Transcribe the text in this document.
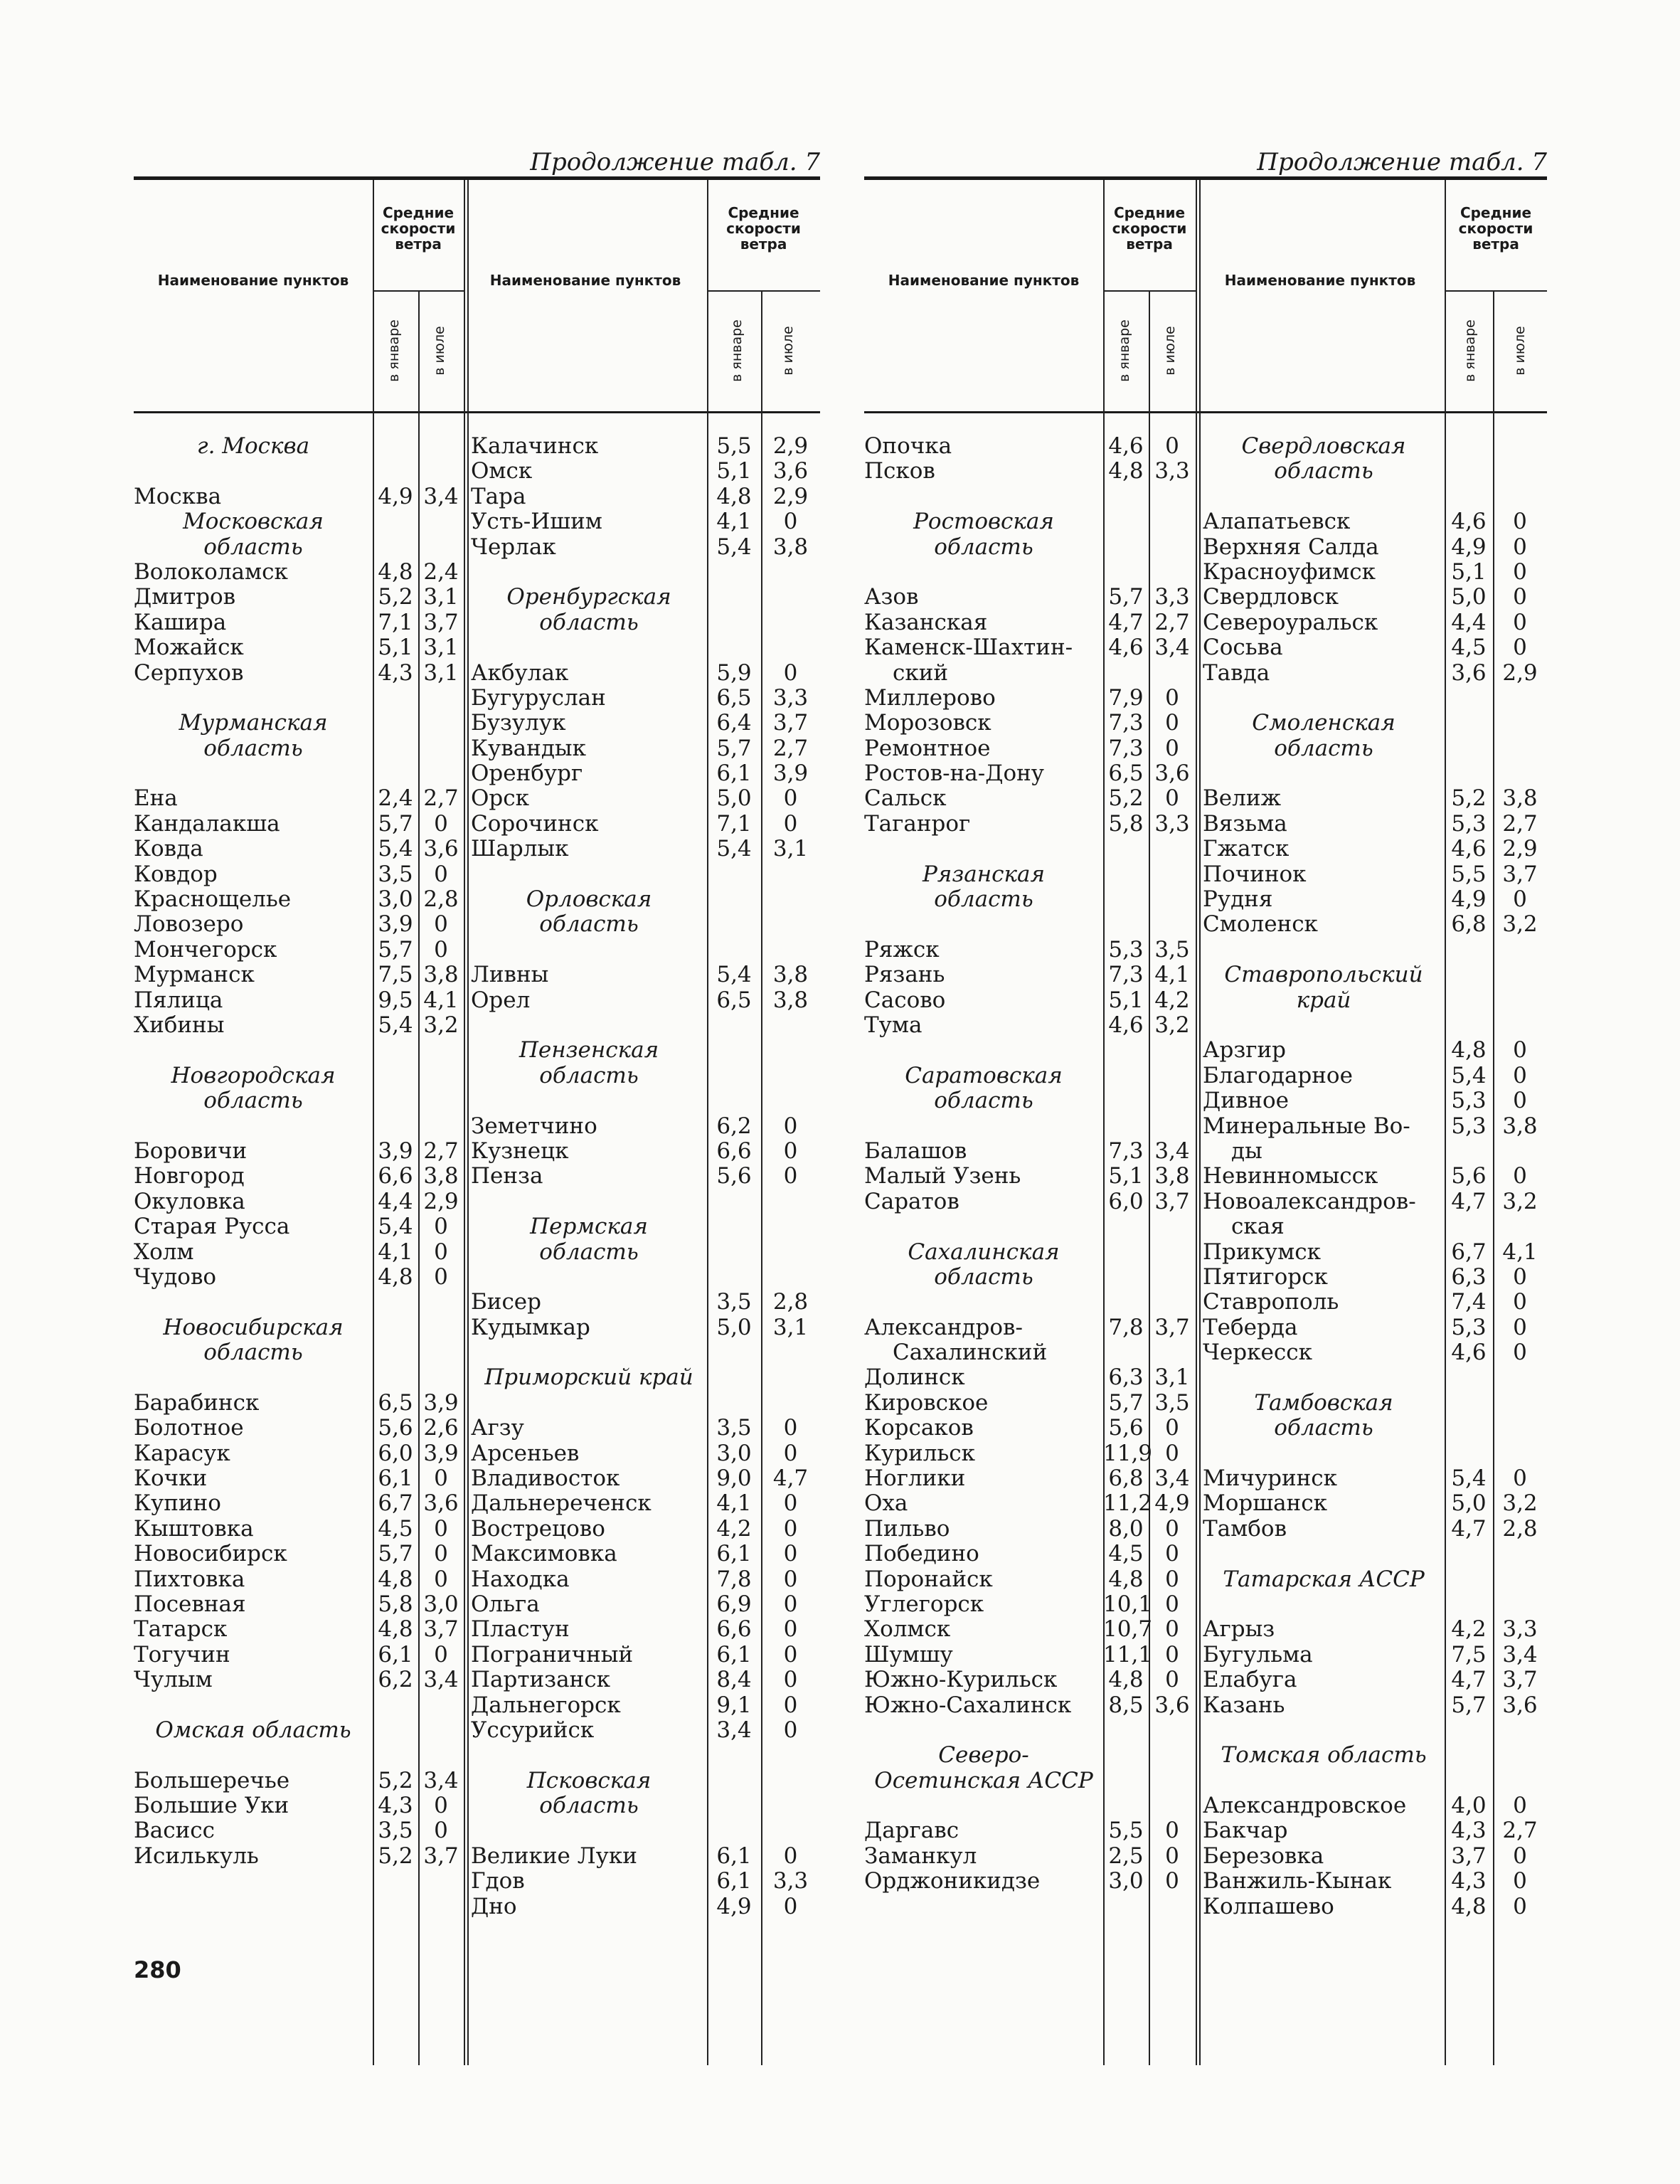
Продолжение табл. 7
Наименование пунктов
Средние скорости ветра
в январе в июле
Наименование пунктов
Средние скорости ветра
в январе	в июле
г. Москва
Москва	4,9 3,4
Московская
область
Волоколамск	4,8 2,4
Дмитров	5,2 3,1
Кашира	7,1 3,7
Можайск	5,1 3,1
Серпухов	4,3 3,1
Мурманская
область
Ена	2,4 2,7
Кандалакша	5,7 0
Ковда	5,4 3,6
Ковдор	3,5 0
Краснощелье	3,0 2,8
Ловозеро	3,9 0
Мончегорск	5,7 0
Мурманск	7,5 3,8
Пялица	9,5 4,1
Хибины	5,4 3,2
Новгородская
область
Боровичи	3,9 2,7
Новгород	6,6 3,8
Окуловка	4,4 2,9
Старая Русса	5,4 0
Холм	4,1 0
Чудово	4,8 0
Новосибирская
область
Барабинск	6,5 3,9
Болотное	5,6 2,6
Карасук	6,0 3,9
Кочки	6,1 0
Купино	6,7 3,6
Кыштовка	4,5 0
Новосибирск	5,7 0
Пихтовка	4,8 0
Посевная	5,8 3,0
Татарск	4,8 3,7
Тогучин	6,1 0
Чулым	6,2 3,4
Омская область
Большеречье	5,2 3,4
Большие Уки	4,3 0
Васисс	3,5 0
Исилькуль	5,2 3,7
Калачинск	5,5 2,9
Омск	5,1 3,6
Тара	4,8 2,9
Усть-Ишим	4,1	0
Черлак	5,4 3,8
Оренбургская
область
Акбулак	5,9	0
Бугуруслан	6,5 3,3
Бузулук	6,4 3,7
Кувандык	5,7 2,7
Оренбург	6,1 3,9
Орск	5,0	0
Сорочинск	7,1	0
Шарлык	5,4 3,1
Орловская
область
Ливны	5,4 3,8
Орел	6,5 3,8
Пензенская
область
Земетчино	6,2	0
Кузнецк	6,6	0
Пенза	5,6	0
Пермская
область
Бисер	3,5 2,8
Кудымкар	5,0 3,1
Приморский край
Агзу	3,5	0
Арсеньев	3,0	0
Владивосток	9,0 4,7
Дальнереченск	4,1	0
Вострецово	4,2	0
Максимовка	6,1	0
Находка	7,8	0
Ольга	6,9	0
Пластун	6,6	0
Пограничный	6,1	0
Партизанск	8,4	0
Дальнегорск	9,1	0
Уссурийск	3,4	0
Псковская
область
Великие Луки	6,1	0
Гдов	6,1 3,3
Дно	4,9	0
Продолжение табл. 7
Наименование пунктов
Средние скорости ветра
в январе в июле
Наименование пунктов
Средние скорости ветра
в январе	в июле
Опочка	4,6 0
Псков	4,8 3,3
Ростовская
область
Азов	5,7 3,3
Казанская	4,7 2,7
Каменск-Шахтин-	4,6 3,4
ский
Миллерово	7,9 0
Морозовск	7,3 0
Ремонтное	7,3 0
Ростов-на-Дону	6,5 3,6
Сальск	5,2 0
Таганрог	5,8 3,3
Рязанская
область
Ряжск	5,3 3,5
Рязань	7,3 4,1
Сасово	5,1 4,2
Тума	4,6 3,2
Саратовская
область
Балашов	7,3 3,4
Малый Узень	5,1 3,8
Саратов	6,0 3,7
Сахалинская
область
Александров-	7,8 3,7
Сахалинский
Долинск	6,3 3,1
Кировское	5,7 3,5
Корсаков	5,6 0
Курильск	11,9 0
Ноглики	6,8 3,4
Оха	11,2 4,9
Пильво	8,0 0
Победино	4,5 0
Поронайск	4,8 0
Углегорск	10,1 0
Холмск	10,7 0
Шумшу	11,1 0
Южно-Курильск	4,8 0
Южно-Сахалинск	8,5 3,6
Северо-
Осетинская АССР
Даргавс	5,5 0
Заманкул	2,5 0
Орджоникидзе	3,0 0
Свердловская
область
Алапатьевск	4,6	0
Верхняя Салда	4,9	0
Красноуфимск	5,1	0
Свердловск	5,0	0
Североуральск	4,4	0
Сосьва	4,5	0
Тавда	3,6 2,9
Смоленская
область
Велиж	5,2 3,8
Вязьма	5,3 2,7
Гжатск	4,6 2,9
Починок	5,5 3,7
Рудня	4,9	0
Смоленск	6,8 3,2
Ставропольский
край
Арзгир	4,8	0
Благодарное	5,4	0
Дивное	5,3	0
Минеральные Во-	5,3 3,8
ды
Невинномысск	5,6	0
Новоалександров-	4,7 3,2
ская
Прикумск	6,7 4,1
Пятигорск	6,3	0
Ставрополь	7,4	0
Теберда	5,3	0
Черкесск	4,6	0
Тамбовская
область
Мичуринск	5,4	0
Моршанск	5,0 3,2
Тамбов	4,7 2,8
Татарская АССР
Агрыз	4,2 3,3
Бугульма	7,5 3,4
Елабуга	4,7 3,7
Казань	5,7 3,6
Томская область
Александровское	4,0	0
Бакчар	4,3 2,7
Березовка	3,7	0
Ванжиль-Кынак	4,3	0
Колпашево	4,8	0
280
